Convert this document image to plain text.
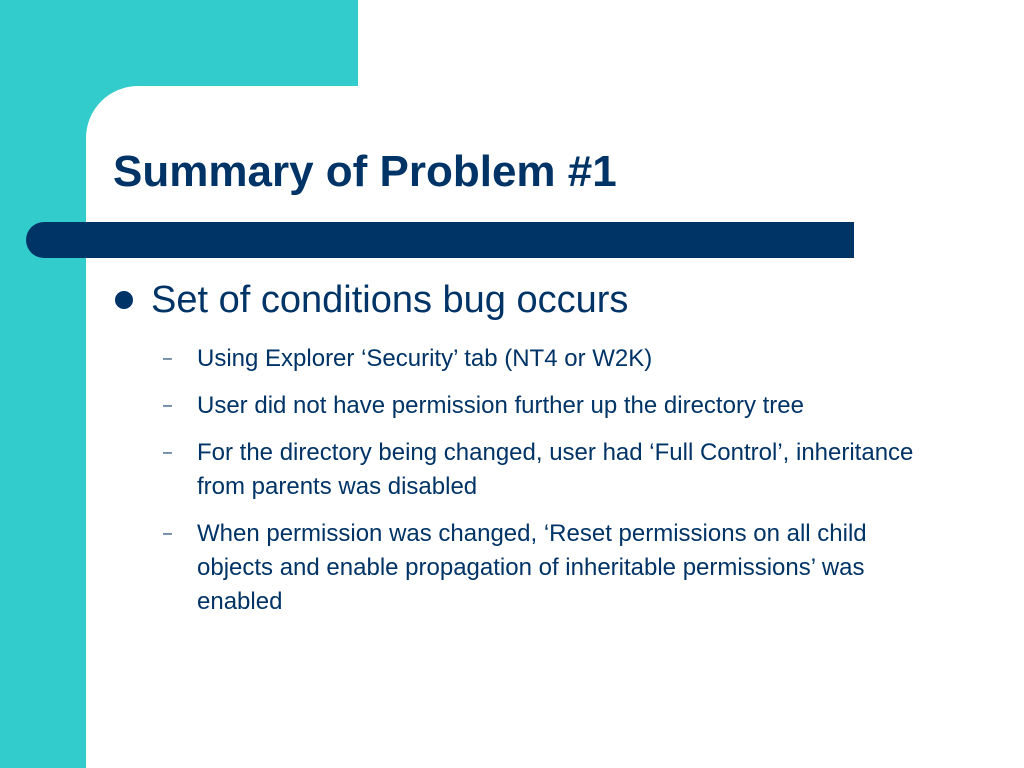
Summary of Problem #1
Set of conditions bug occurs
– Using Explorer ‘Security’ tab (NT4 or W2K)
– User did not have permission further up the directory tree
– For the directory being changed, user had ‘Full Control’, inheritance from parents was disabled
– When permission was changed, ‘Reset permissions on all child objects and enable propagation of inheritable permissions’ was enabled
